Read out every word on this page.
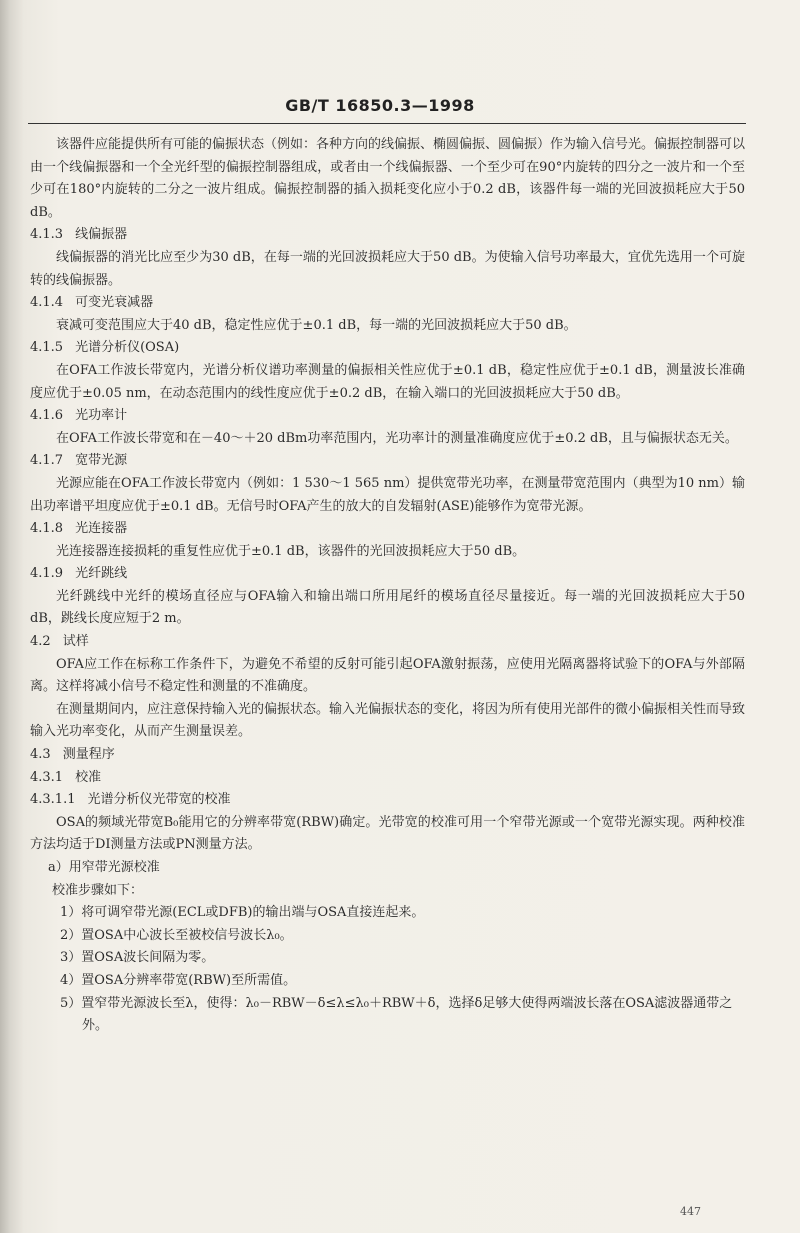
GB/T 16850.3—1998

该器件应能提供所有可能的偏振状态（例如：各种方向的线偏振、椭圆偏振、圆偏振）作为输入信号光。偏振控制器可以由一个线偏振器和一个全光纤型的偏振控制器组成，或者由一个线偏振器、一个至少可在90°内旋转的四分之一波片和一个至少可在180°内旋转的二分之一波片组成。偏振控制器的插入损耗变化应小于0.2 dB，该器件每一端的光回波损耗应大于50 dB。

4.1.3 线偏振器

线偏振器的消光比应至少为30 dB，在每一端的光回波损耗应大于50 dB。为使输入信号功率最大，宜优先选用一个可旋转的线偏振器。

4.1.4 可变光衰减器

衰减可变范围应大于40 dB，稳定性应优于±0.1 dB，每一端的光回波损耗应大于50 dB。

4.1.5 光谱分析仪(OSA)

在OFA工作波长带宽内，光谱分析仪谱功率测量的偏振相关性应优于±0.1 dB，稳定性应优于±0.1 dB，测量波长准确度应优于±0.05 nm，在动态范围内的线性度应优于±0.2 dB，在输入端口的光回波损耗应大于50 dB。

4.1.6 光功率计

在OFA工作波长带宽和在－40～＋20 dBm功率范围内，光功率计的测量准确度应优于±0.2 dB，且与偏振状态无关。

4.1.7 宽带光源

光源应能在OFA工作波长带宽内（例如：1 530～1 565 nm）提供宽带光功率，在测量带宽范围内（典型为10 nm）输出功率谱平坦度应优于±0.1 dB。无信号时OFA产生的放大的自发辐射(ASE)能够作为宽带光源。

4.1.8 光连接器

光连接器连接损耗的重复性应优于±0.1 dB，该器件的光回波损耗应大于50 dB。

4.1.9 光纤跳线

光纤跳线中光纤的模场直径应与OFA输入和输出端口所用尾纤的模场直径尽量接近。每一端的光回波损耗应大于50 dB，跳线长度应短于2 m。

4.2 试样

OFA应工作在标称工作条件下，为避免不希望的反射可能引起OFA激射振荡，应使用光隔离器将试验下的OFA与外部隔离。这样将减小信号不稳定性和测量的不准确度。

在测量期间内，应注意保持输入光的偏振状态。输入光偏振状态的变化，将因为所有使用光部件的微小偏振相关性而导致输入光功率变化，从而产生测量误差。

4.3 测量程序

4.3.1 校准

4.3.1.1 光谱分析仪光带宽的校准

OSA的频域光带宽B₀能用它的分辨率带宽(RBW)确定。光带宽的校准可用一个窄带光源或一个宽带光源实现。两种校准方法均适于DI测量方法或PN测量方法。

a）用窄带光源校准

校准步骤如下：

1）将可调窄带光源(ECL或DFB)的输出端与OSA直接连起来。

2）置OSA中心波长至被校信号波长λ₀。

3）置OSA波长间隔为零。

4）置OSA分辨率带宽(RBW)至所需值。

5）置窄带光源波长至λ，使得：λ₀－RBW－δ≤λ≤λ₀＋RBW＋δ，选择δ足够大使得两端波长落在OSA滤波器通带之外。

447
